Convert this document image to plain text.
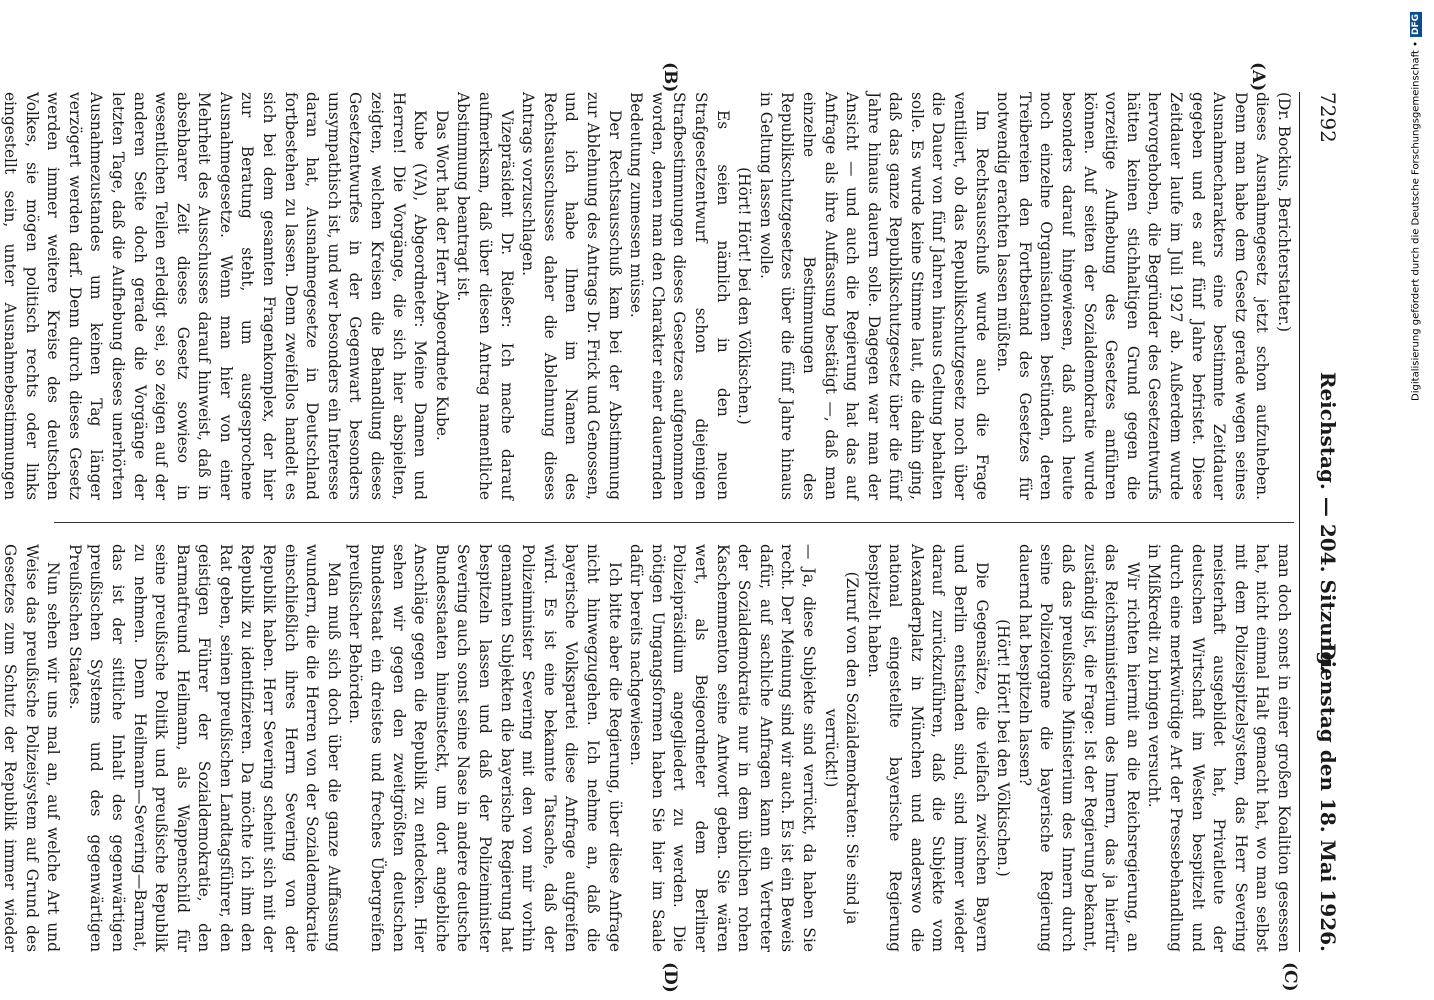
7292
Reichstag. — 204. Sitzung.
Dienstag den 18. Mai 1926.
(A)
(B)
(C)
(D)

(Dr. Bockius, Berichterstatter.)

dieses Ausnahmegesetz jetzt schon aufzuheben. Denn man habe dem Gesetz gerade wegen seines Ausnahmecharakters eine bestimmte Zeitdauer gegeben und es auf fünf Jahre befristet. Diese Zeitdauer laufe im Juli 1927 ab. Außerdem wurde hervorgehoben, die Begründer des Gesetzentwurfs hätten keinen stichhaltigen Grund gegen die vorzeitige Aufhebung des Gesetzes anführen können. Auf seiten der Sozialdemokratie wurde besonders darauf hingewiesen, daß auch heute noch einzelne Organisationen bestünden, deren Treibereien den Fortbestand des Gesetzes für notwendig erachten lassen müßten.

Im Rechtsausschuß wurde auch die Frage ventiliert, ob das Republikschutzgesetz noch über die Dauer von fünf Jahren hinaus Geltung behalten solle. Es wurde keine Stimme laut, die dahin ging, daß das ganze Republikschutzgesetz über die fünf Jahre hinaus dauern solle. Dagegen war man der Ansicht — und auch die Regierung hat das auf Anfrage als ihre Auffassung bestätigt —, daß man einzelne Bestimmungen des Republikschutzgesetzes über die fünf Jahre hinaus in Geltung lassen wolle.

(Hört! Hört! bei den Völkischen.)

Es seien nämlich in den neuen Strafgesetzentwurf schon diejenigen Strafbestimmungen dieses Gesetzes aufgenommen worden, denen man den Charakter einer dauernden Bedeutung zumessen müsse.

Der Rechtsausschuß kam bei der Abstimmung zur Ablehnung des Antrags Dr. Frick und Genossen, und ich habe Ihnen im Namen des Rechtsausschusses daher die Ablehnung dieses Antrags vorzuschlagen.

Vizepräsident Dr. Rießer: Ich mache darauf aufmerksam, daß über diesen Antrag namentliche Abstimmung beantragt ist.

Das Wort hat der Herr Abgeordnete Kube.

Kube (VA), Abgeordneter: Meine Damen und Herren! Die Vorgänge, die sich hier abspielten, zeigten, welchen Kreisen die Behandlung dieses Gesetzentwurfes in der Gegenwart besonders unsympathisch ist, und wer besonders ein Interesse daran hat, Ausnahmegesetze in Deutschland fortbestehen zu lassen. Denn zweifellos handelt es sich bei dem gesamten Fragenkomplex, der hier zur Beratung steht, um ausgesprochene Ausnahmegesetze. Wenn man hier von einer Mehrheit des Ausschusses darauf hinweist, daß in absehbarer Zeit dieses Gesetz sowieso in wesentlichen Teilen erledigt sei, so zeigen auf der anderen Seite doch gerade die Vorgänge der letzten Tage, daß die Aufhebung dieses unerhörten Ausnahmezustandes um keinen Tag länger verzögert werden darf. Denn durch dieses Gesetz werden immer weitere Kreise des deutschen Volkes, sie mögen politisch rechts oder links eingestellt sein, unter Ausnahmebestimmungen

man doch sonst in einer großen Koalition gesessen hat, nicht einmal Halt gemacht hat, wo man selbst mit dem Polizeispitzelsystem, das Herr Severing meisterhaft ausgebildet hat, Privatleute der deutschen Wirtschaft im Westen bespitzelt und durch eine merkwürdige Art der Pressebehandlung in Mißkredit zu bringen versucht.

Wir richten hiermit an die Reichsregierung, an das Reichsministerium des Innern, das ja hierfür zuständig ist, die Frage: Ist der Regierung bekannt, daß das preußische Ministerium des Innern durch seine Polizeiorgane die bayerische Regierung dauernd hat bespitzeln lassen?

(Hört! Hört! bei den Völkischen.)

Die Gegensätze, die vielfach zwischen Bayern und Berlin entstanden sind, sind immer wieder darauf zurückzuführen, daß die Subjekte vom Alexanderplatz in München und anderswo die national eingestellte bayerische Regierung bespitzelt haben.

(Zuruf von den Sozialdemokraten: Sie sind ja verrückt!)

— Ja, diese Subjekte sind verrückt, da haben Sie recht. Der Meinung sind wir auch. Es ist ein Beweis dafür, auf sachliche Anfragen kann ein Vertreter der Sozialdemokratie nur in dem üblichen rohen Kaschemmenton seine Antwort geben. Sie wären wert, als Beigeordneter dem Berliner Polizeipräsidium angegliedert zu werden. Die nötigen Umgangsformen haben Sie hier im Saale dafür bereits nachgewiesen.

Ich bitte aber die Regierung, über diese Anfrage nicht hinwegzugehen. Ich nehme an, daß die bayerische Volkspartei diese Anfrage aufgreifen wird. Es ist eine bekannte Tatsache, daß der Polizeiminister Severing mit den von mir vorhin genannten Subjekten die bayerische Regierung hat bespitzeln lassen und daß der Polizeiminister Severing auch sonst seine Nase in andere deutsche Bundesstaaten hineinsteckt, um dort angebliche Anschläge gegen die Republik zu entdecken. Hier sehen wir gegen den zweitgrößten deutschen Bundesstaat ein dreistes und freches Übergreifen preußischer Behörden.

Man muß sich doch über die ganze Auffassung wundern, die die Herren von der Sozialdemokratie einschließlich ihres Herrn Severing von der Republik haben. Herr Severing scheint sich mit der Republik zu identifizieren. Da möchte ich ihm den Rat geben, seinen preußischen Landtagsführer, den geistigen Führer der Sozialdemokratie, den Barmatfreund Heilmann, als Wappenschild für seine preußische Politik und preußische Republik zu nehmen. Denn Heilmann—Severing—Barmat, das ist der sittliche Inhalt des gegenwärtigen preußischen Systems und des gegenwärtigen Preußischen Staates.

Nun sehen wir uns mal an, auf welche Art und Weise das preußische Polizeisystem auf Grund des Gesetzes zum Schutz der Republik immer wieder

Digitalisierung gefördert durch die Deutsche Forschungsgemeinschaft •
DFG
